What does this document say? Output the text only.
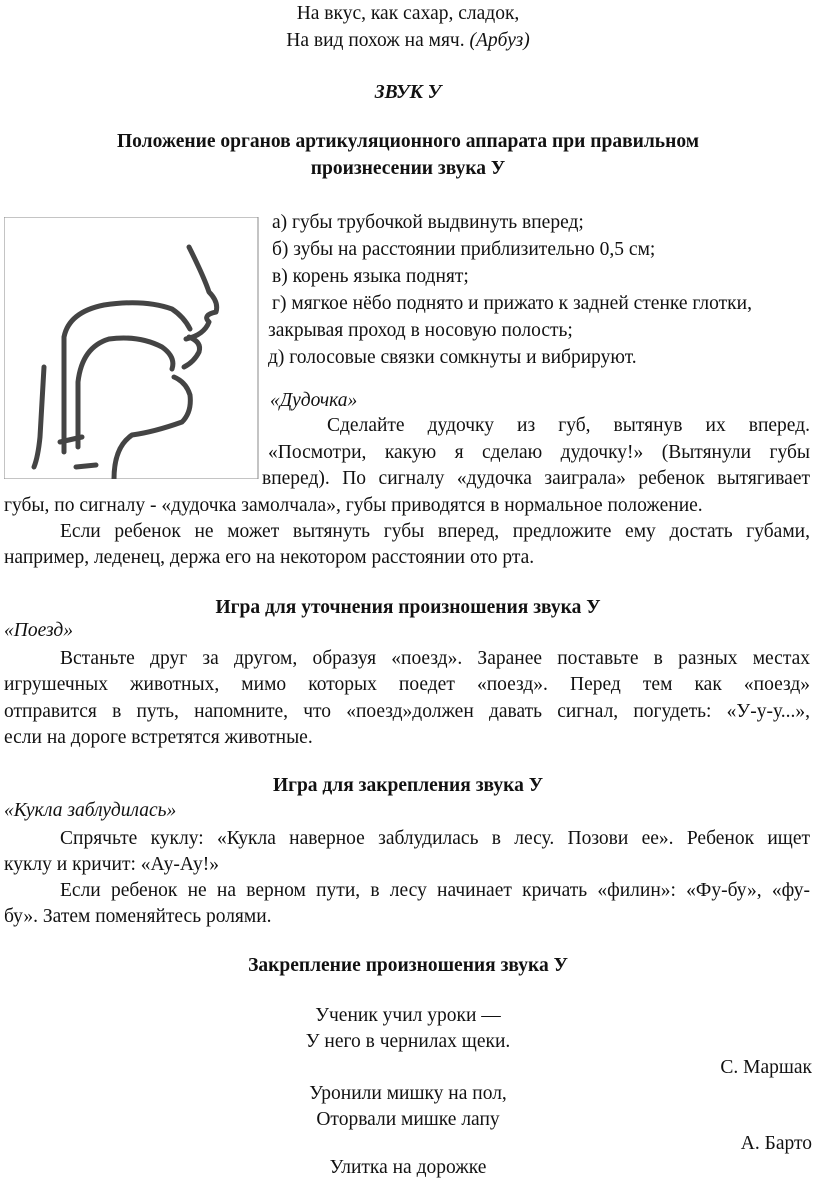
На вкус, как сахар, сладок,
На вид похож на мяч. (Арбуз)
ЗВУК У
Положение органов артикуляционного аппарата при правильном
произнесении звука У
а) губы трубочкой выдвинуть вперед;
б) зубы на расстоянии приблизительно 0,5 см;
в) корень языка поднят;
г) мягкое нёбо поднято и прижато к задней стенке глотки,
закрывая проход в носовую полость;
д) голосовые связки сомкнуты и вибрируют.
«Дудочка»
Сделайте дудочку из губ, вытянув их вперед.
«Посмотри, какую я сделаю дудочку!» (Вытянули губы
вперед). По сигналу «дудочка заиграла» ребенок вытягивает
губы, по сигналу - «дудочка замолчала», губы приводятся в нормальное положение.
Если ребенок не может вытянуть губы вперед, предложите ему достать губами,
например, леденец, держа его на некотором расстоянии ото рта.
Игра для уточнения произношения звука У
«Поезд»
Встаньте друг за другом, образуя «поезд». Заранее поставьте в разных местах
игрушечных животных, мимо которых поедет «поезд». Перед тем как «поезд»
отправится в путь, напомните, что «поезд»должен давать сигнал, погудеть: «У-у-у...»,
если на дороге встретятся животные.
Игра для закрепления звука У
«Кукла заблудилась»
Спрячьте куклу: «Кукла наверное заблудилась в лесу. Позови ее». Ребенок ищет
куклу и кричит: «Ау-Ау!»
Если ребенок не на верном пути, в лесу начинает кричать «филин»: «Фу-бу», «фу-
бу». Затем поменяйтесь ролями.
Закрепление произношения звука У
Ученик учил уроки —
У него в чернилах щеки.
С. Маршак
Уронили мишку на пол,
Оторвали мишке лапу
А. Барто
Улитка на дорожке
